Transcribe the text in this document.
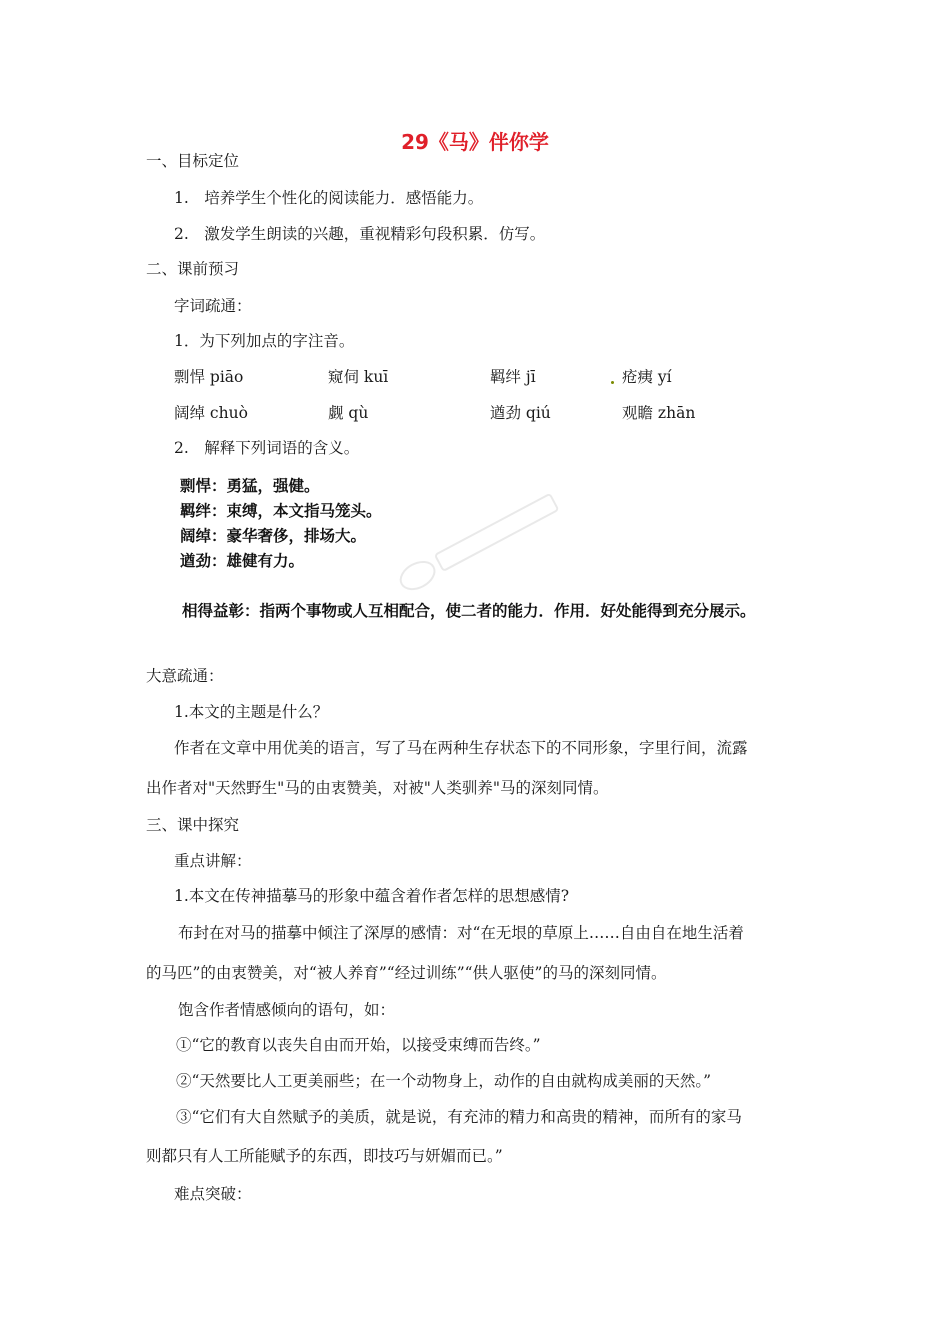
29《马》伴你学
一、目标定位
1.　培养学生个性化的阅读能力．感悟能力。
2.　激发学生朗读的兴趣，重视精彩句段积累．仿写。
二、课前预习
字词疏通：
1．为下列加点的字注音。
剽悍 piāo	窥伺 kuī	羁绊 jī	疮痍 yí
阔绰 chuò	觑 qù	遒劲 qiú	观瞻 zhān
2.　解释下列词语的含义。
剽悍：勇猛，强健。
羁绊：束缚，本文指马笼头。
阔绰：豪华奢侈，排场大。
遒劲：雄健有力。
相得益彰：指两个事物或人互相配合，使二者的能力．作用．好处能得到充分展示。
大意疏通：
1.本文的主题是什么？
作者在文章中用优美的语言，写了马在两种生存状态下的不同形象，字里行间，流露
出作者对"天然野生"马的由衷赞美，对被"人类驯养"马的深刻同情。
三、课中探究
重点讲解：
1.本文在传神描摹马的形象中蕴含着作者怎样的思想感情?
布封在对马的描摹中倾注了深厚的感情：对“在无垠的草原上……自由自在地生活着
的马匹”的由衷赞美，对“被人养育”“经过训练”“供人驱使”的马的深刻同情。
饱含作者情感倾向的语句，如：
①“它的教育以丧失自由而开始，以接受束缚而告终。”
②“天然要比人工更美丽些；在一个动物身上，动作的自由就构成美丽的天然。”
③“它们有大自然赋予的美质，就是说，有充沛的精力和高贵的精神，而所有的家马
则都只有人工所能赋予的东西，即技巧与妍媚而已。”
难点突破：
